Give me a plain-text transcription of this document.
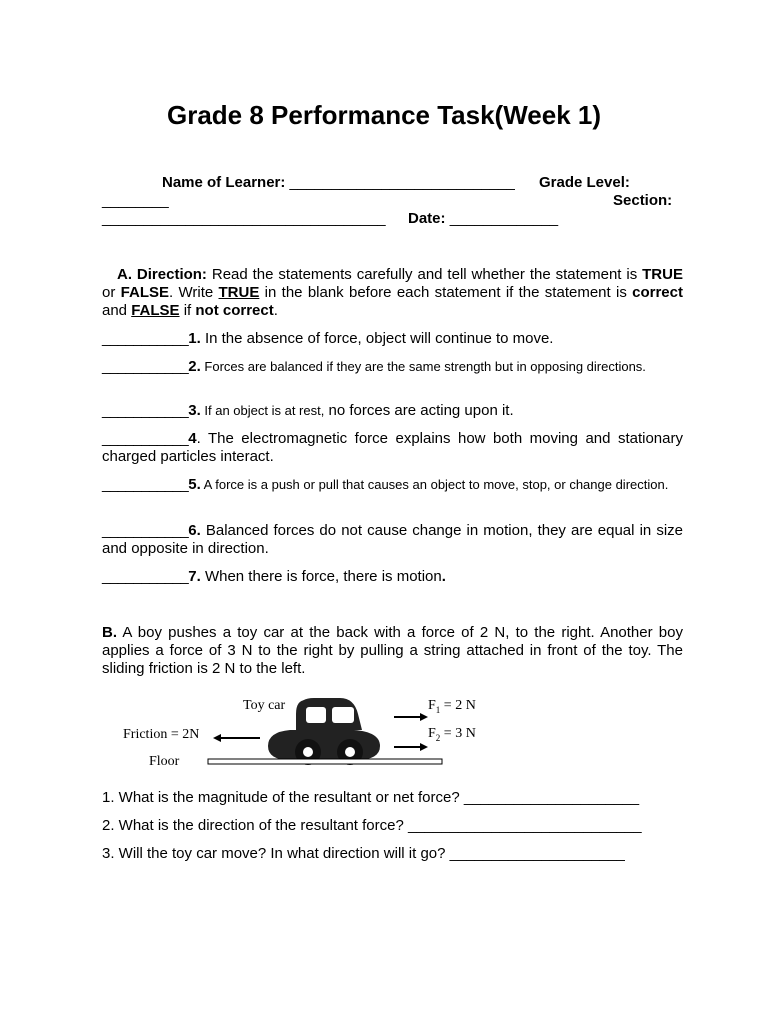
Grade 8 Performance Task(Week 1)
Name of Learner: ___________________________ Grade Level:
________	Section:
__________________________________ Date: _____________
A. Direction: Read the statements carefully and tell whether the statement is TRUE or FALSE. Write TRUE in the blank before each statement if the statement is correct and FALSE if not correct.
___________1. In the absence of force, object will continue to move.
___________2. Forces are balanced if they are the same strength but in opposing directions.
___________3. If an object is at rest, no forces are acting upon it.
___________4. The electromagnetic force explains how both moving and stationary charged particles interact.
___________5. A force is a push or pull that causes an object to move, stop, or change direction.
___________6. Balanced forces do not cause change in motion, they are equal in size and opposite in direction.
___________7. When there is force, there is motion.
B. A boy pushes a toy car at the back with a force of 2 N, to the right. Another boy applies a force of 3 N to the right by pulling a string attached in front of the toy. The sliding friction is 2 N to the left.
Toy car
Friction = 2N
Floor
$F_1 = 2$ N
$F_2 = 3$ N
1. What is the magnitude of the resultant or net force? _____________________
2. What is the direction of the resultant force? ____________________________
3. Will the toy car move? In what direction will it go? _____________________
